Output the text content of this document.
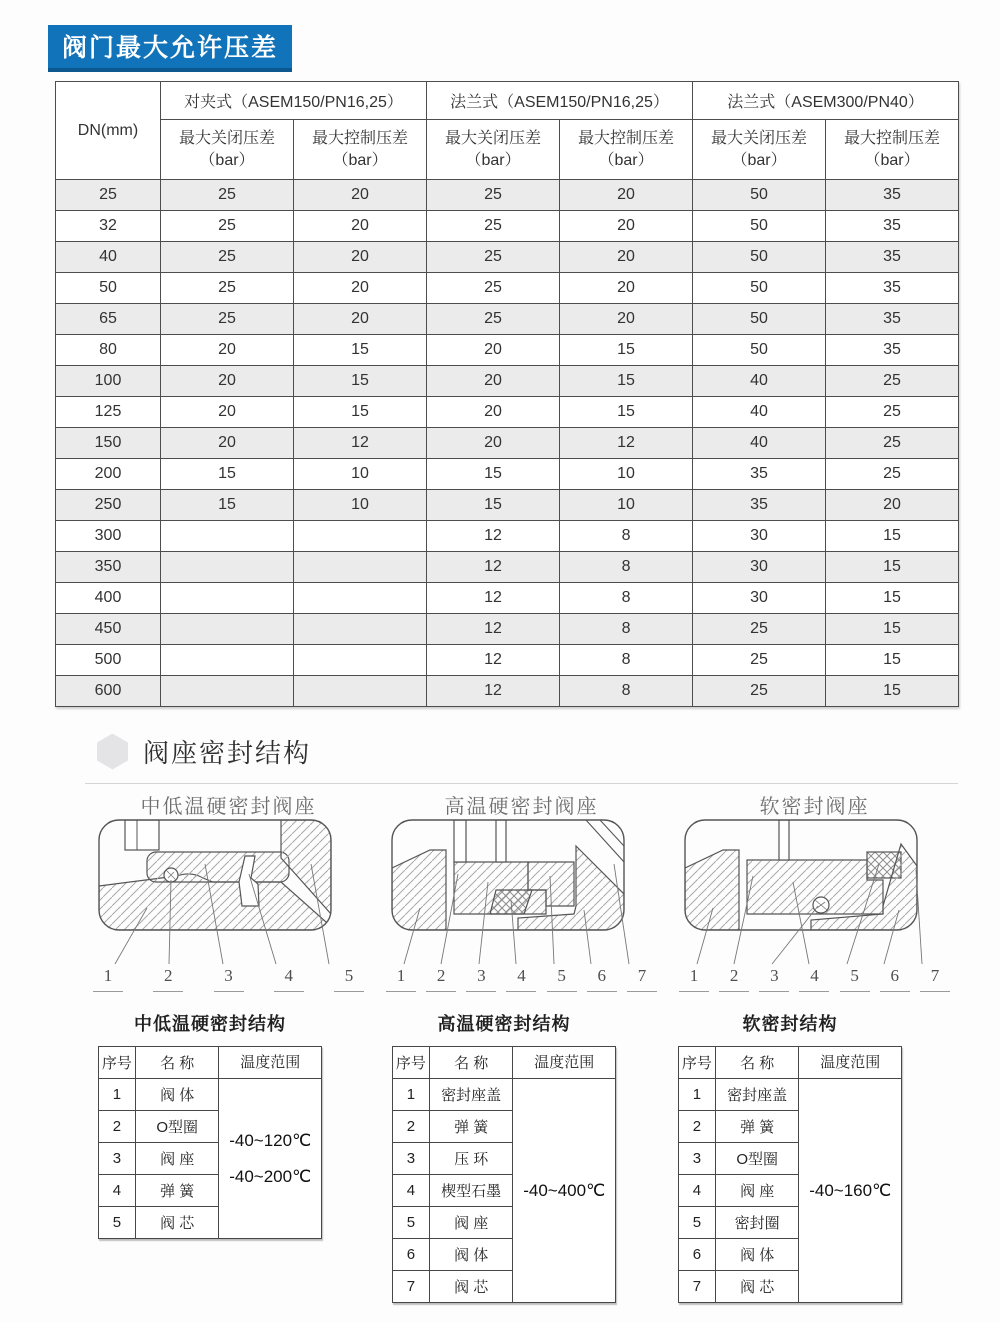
阀门最大允许压差
DN(mm)	对夹式（ASEM150/PN16,25）		法兰式（ASEM150/PN16,25）		法兰式（ASEM300/PN40）	

最大关闭压差
（bar）

最大控制压差
（bar）

最大关闭压差
（bar）

最大控制压差
（bar）

最大关闭压差
（bar）

最大控制压差
（bar）

25	25	20	25	20	50	35
32	25	20	25	20	50	35
40	25	20	25	20	50	35
50	25	20	25	20	50	35
65	25	20	25	20	50	35
80	20	15	20	15	50	35
100	20	15	20	15	40	25
125	20	15	20	15	40	25
150	20	12	20	12	40	25
200	15	10	15	10	35	25
250	15	10	15	10	35	20
300			12	8	30	15
350			12	8	30	15
400			12	8	30	15
450			12	8	25	15
500			12	8	25	15
600			12	8	25	15
阀座密封结构
中低温硬密封阀座
1	2	3	4	5
高温硬密封阀座
1	2	3	4	5	6	7
软密封阀座
1	2	3	4	5	6	7
中低温硬密封结构
序号	名 称
1	阀 体
2	O型圈
3	阀 座
4	弹 簧
5	阀 芯
温度范围
-40~120℃
-40~200℃
高温硬密封结构
序号	名 称
1	密封座盖
2	弹 簧
3	压 环
4	楔型石墨
5	阀 座
6	阀 体
7	阀 芯
温度范围
-40~400℃
软密封结构
序号	名 称
1	密封座盖
2	弹 簧
3	O型圈
4	阀 座
5	密封圈
6	阀 体
7	阀 芯
温度范围
-40~160℃
